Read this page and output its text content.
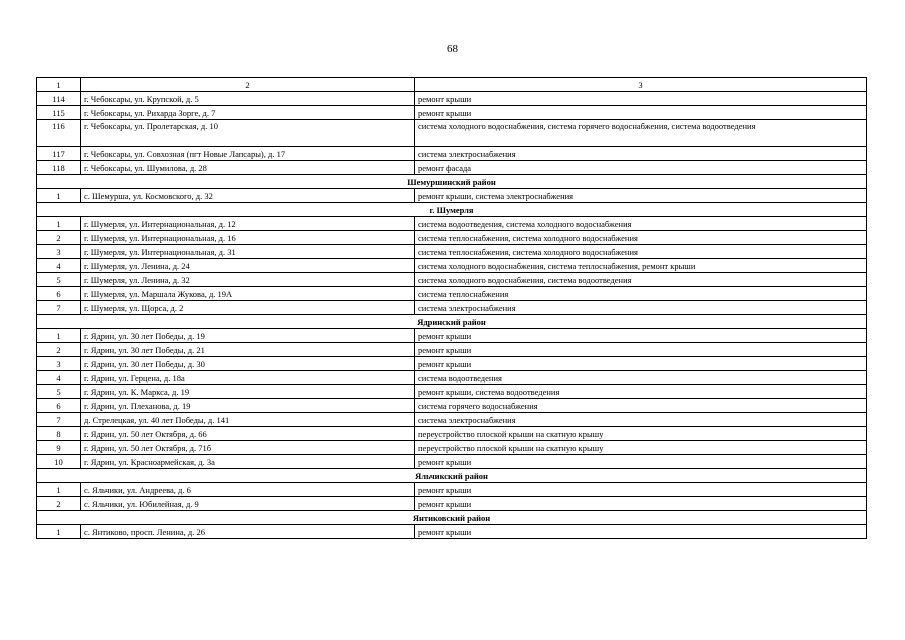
68
1	2	3
114	г. Чебоксары, ул. Крупской, д. 5	ремонт крыши
115	г. Чебоксары, ул. Рихарда Зорге, д. 7	ремонт крыши
116	г. Чебоксары, ул. Пролетарская, д. 10	система холодного водоснабжения, система горячего водоснабжения, система водоотведения
117	г. Чебоксары, ул. Совхозная (пгт Новые Лапсары), д. 17	система электроснабжения
118	г. Чебоксары, ул. Шумилова, д. 28	ремонт фасада
Шемуршинский район		
1	с. Шемурша, ул. Космовского, д. 32	ремонт крыши, система электроснабжения
г. Шумерля		
1	г. Шумерля, ул. Интернациональная, д. 12	система водоотведения, система холодного водоснабжения
2	г. Шумерля, ул. Интернациональная, д. 16	система теплоснабжения, система холодного водоснабжения
3	г. Шумерля, ул. Интернациональная, д. 31	система теплоснабжения, система холодного водоснабжения
4	г. Шумерля, ул. Ленина, д. 24	система холодного водоснабжения, система теплоснабжения, ремонт крыши
5	г. Шумерля, ул. Ленина, д. 32	система холодного водоснабжения, система водоотведения
6	г. Шумерля, ул. Маршала Жукова, д. 19А	система теплоснабжения
7	г. Шумерля, ул. Щорса, д. 2	система электроснабжения
Ядринский район		
1	г. Ядрин, ул. 30 лет Победы, д. 19	ремонт крыши
2	г. Ядрин, ул. 30 лет Победы, д. 21	ремонт крыши
3	г. Ядрин, ул. 30 лет Победы, д. 30	ремонт крыши
4	г. Ядрин, ул. Герцена, д. 18а	система водоотведения
5	г. Ядрин, ул. К. Маркса, д. 19	ремонт крыши, система водоотведения
6	г. Ядрин, ул. Плеханова, д. 19	система горячего водоснабжения
7	д. Стрелецкая, ул. 40 лет Победы, д. 141	система электроснабжения
8	г. Ядрин, ул. 50 лет Октября, д. 66	переустройство плоской крыши на скатную крышу
9	г. Ядрин, ул. 50 лет Октября, д. 71б	переустройство плоской крыши на скатную крышу
10	г. Ядрин, ул. Красноармейская, д. 3а	ремонт крыши
Яльчикский район		
1	с. Яльчики, ул. Андреева, д. 6	ремонт крыши
2	с. Яльчики, ул. Юбилейная, д. 9	ремонт крыши
Янтиковский район		
1	с. Янтиково, просп. Ленина, д. 26	ремонт крыши
